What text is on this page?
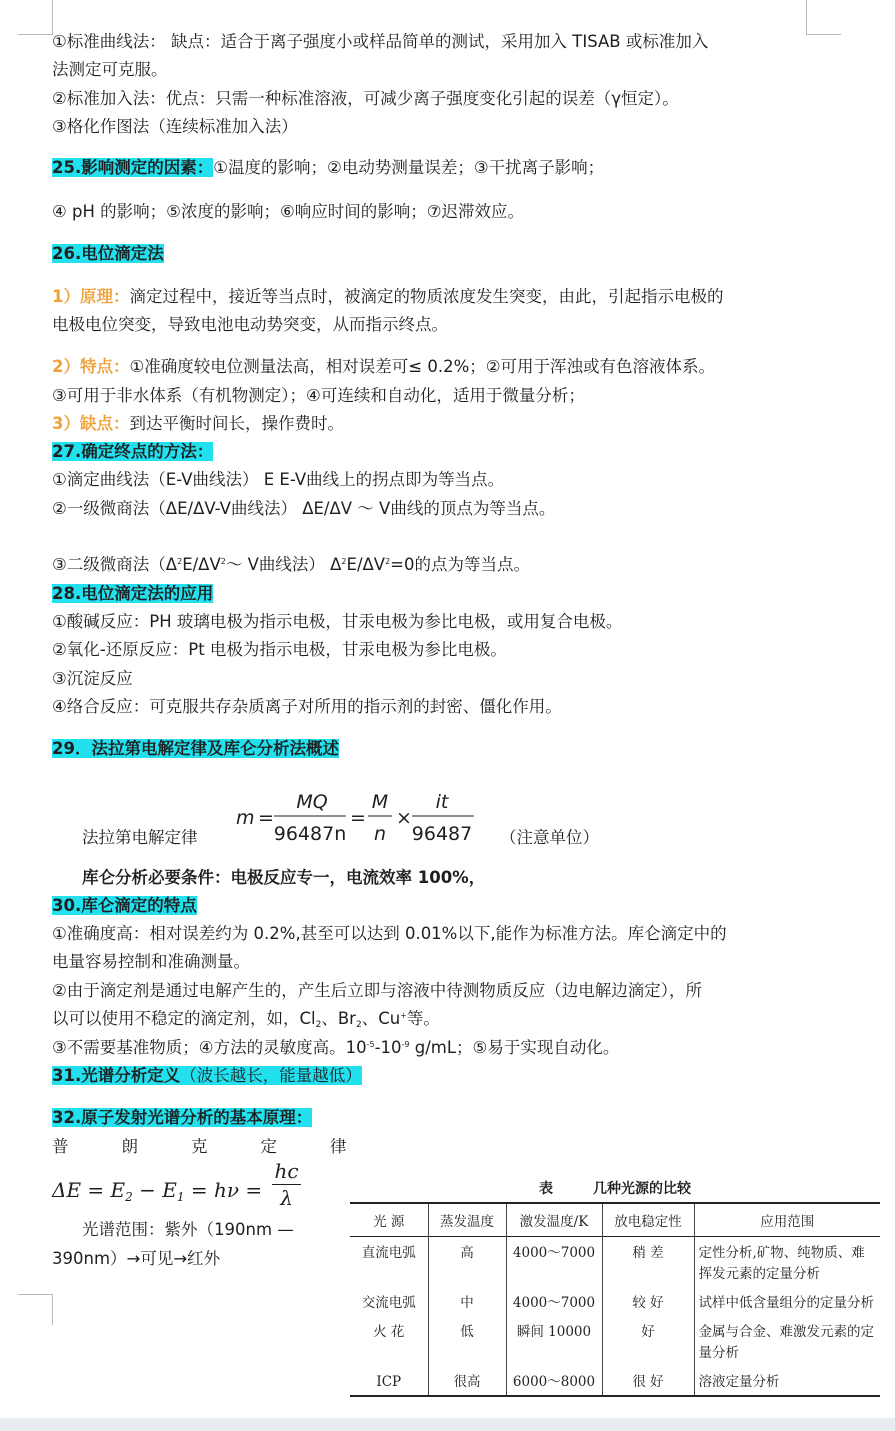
①标准曲线法： 缺点：适合于离子强度小或样品简单的测试，采用加入 TISAB 或标准加入
法测定可克服。
②标准加入法：优点：只需一种标准溶液，可减少离子强度变化引起的误差（γ恒定）。
③格化作图法（连续标准加入法）
25.影响测定的因素：①温度的影响；②电动势测量误差；③干扰离子影响；
④ pH 的影响；⑤浓度的影响；⑥响应时间的影响；⑦迟滞效应。
26.电位滴定法
1）原理：滴定过程中，接近等当点时，被滴定的物质浓度发生突变，由此，引起指示电极的
电极电位突变，导致电池电动势突变，从而指示终点。
2）特点：①准确度较电位测量法高，相对误差可≤ 0.2%；②可用于浑浊或有色溶液体系。
③可用于非水体系（有机物测定）；④可连续和自动化，适用于微量分析；
3）缺点：到达平衡时间长，操作费时。
27.确定终点的方法：
①滴定曲线法（E-V曲线法） E E-V曲线上的拐点即为等当点。
②一级微商法（ΔE/ΔV-V曲线法） ΔE/ΔV ～ V曲线的顶点为等当点。
③二级微商法（$\Delta^2E/\Delta V^2\sim$ V曲线法） $\Delta^2E/\Delta V^2=0$的点为等当点。
28.电位滴定法的应用
①酸碱反应：PH 玻璃电极为指示电极，甘汞电极为参比电极，或用复合电极。
②氧化-还原反应：Pt 电极为指示电极，甘汞电极为参比电极。
③沉淀反应
④络合反应：可克服共存杂质离子对所用的指示剂的封密、僵化作用。
29．法拉第电解定律及库仑分析法概述
法拉第电解定律
m =
MQ
96487n
=
M
n
×
it
96487 （注意单位）
库仑分析必要条件：电极反应专一，电流效率 100%，
30.库仑滴定的特点
①准确度高：相对误差约为 0.2%,甚至可以达到 0.01%以下,能作为标准方法。库仑滴定中的
电量容易控制和准确测量。
②由于滴定剂是通过电解产生的，产生后立即与溶液中待测物质反应（边电解边滴定），所
以可以使用不稳定的滴定剂，如，$Cl_2$、$Br_2$、Cu+等。
③不需要基准物质；④方法的灵敏度高。$10^{-5}-10^{-9}$ g/mL；⑤易于实现自动化。
31.光谱分析定义（波长越长，能量越低）
32.原子发射光谱分析的基本原理：
普朗克定律
$\Delta E = E_2 - E_1 = h\nu = \frac{hc}{\lambda}$
光谱范围：紫外（190nm —
390nm）→可见→红外
表	几种光源的比较
光 源	蒸发温度	激发温度/K	放电稳定性	应用范围
直流电弧	高	4000～7000	稍 差	定性分析,矿物、纯物质、难挥发元素的定量分析
交流电弧	中	4000～7000	较 好	试样中低含量组分的定量分析
火 花	低	瞬间 10000	好	金属与合金、难激发元素的定量分析
ICP	很高	6000～8000	很 好	溶液定量分析
